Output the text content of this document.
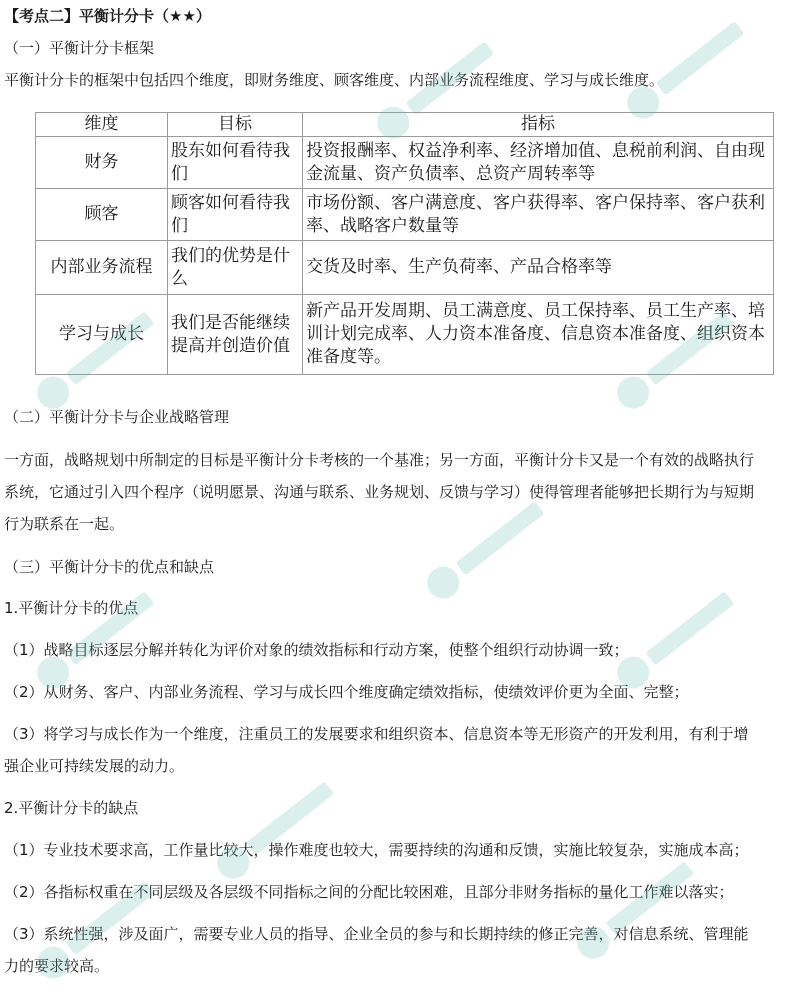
【考点二】平衡计分卡（★★）
（一）平衡计分卡框架
平衡计分卡的框架中包括四个维度，即财务维度、顾客维度、内部业务流程维度、学习与成长维度。
维度	目标	指标
财务	股东如何看待我们	投资报酬率、权益净利率、经济增加值、息税前利润、自由现金流量、资产负债率、总资产周转率等
顾客	顾客如何看待我们	市场份额、客户满意度、客户获得率、客户保持率、客户获利率、战略客户数量等
内部业务流程	我们的优势是什么	交货及时率、生产负荷率、产品合格率等
学习与成长	我们是否能继续提高并创造价值	新产品开发周期、员工满意度、员工保持率、员工生产率、培训计划完成率、人力资本准备度、信息资本准备度、组织资本准备度等。
（二）平衡计分卡与企业战略管理
一方面，战略规划中所制定的目标是平衡计分卡考核的一个基准；另一方面，平衡计分卡又是一个有效的战略执行
系统，它通过引入四个程序（说明愿景、沟通与联系、业务规划、反馈与学习）使得管理者能够把长期行为与短期
行为联系在一起。
（三）平衡计分卡的优点和缺点
1.平衡计分卡的优点
（1）战略目标逐层分解并转化为评价对象的绩效指标和行动方案，使整个组织行动协调一致；
（2）从财务、客户、内部业务流程、学习与成长四个维度确定绩效指标，使绩效评价更为全面、完整；
（3）将学习与成长作为一个维度，注重员工的发展要求和组织资本、信息资本等无形资产的开发利用，有利于增
强企业可持续发展的动力。
2.平衡计分卡的缺点
（1）专业技术要求高，工作量比较大，操作难度也较大，需要持续的沟通和反馈，实施比较复杂，实施成本高；
（2）各指标权重在不同层级及各层级不同指标之间的分配比较困难，且部分非财务指标的量化工作难以落实；
（3）系统性强，涉及面广，需要专业人员的指导、企业全员的参与和长期持续的修正完善，对信息系统、管理能
力的要求较高。
